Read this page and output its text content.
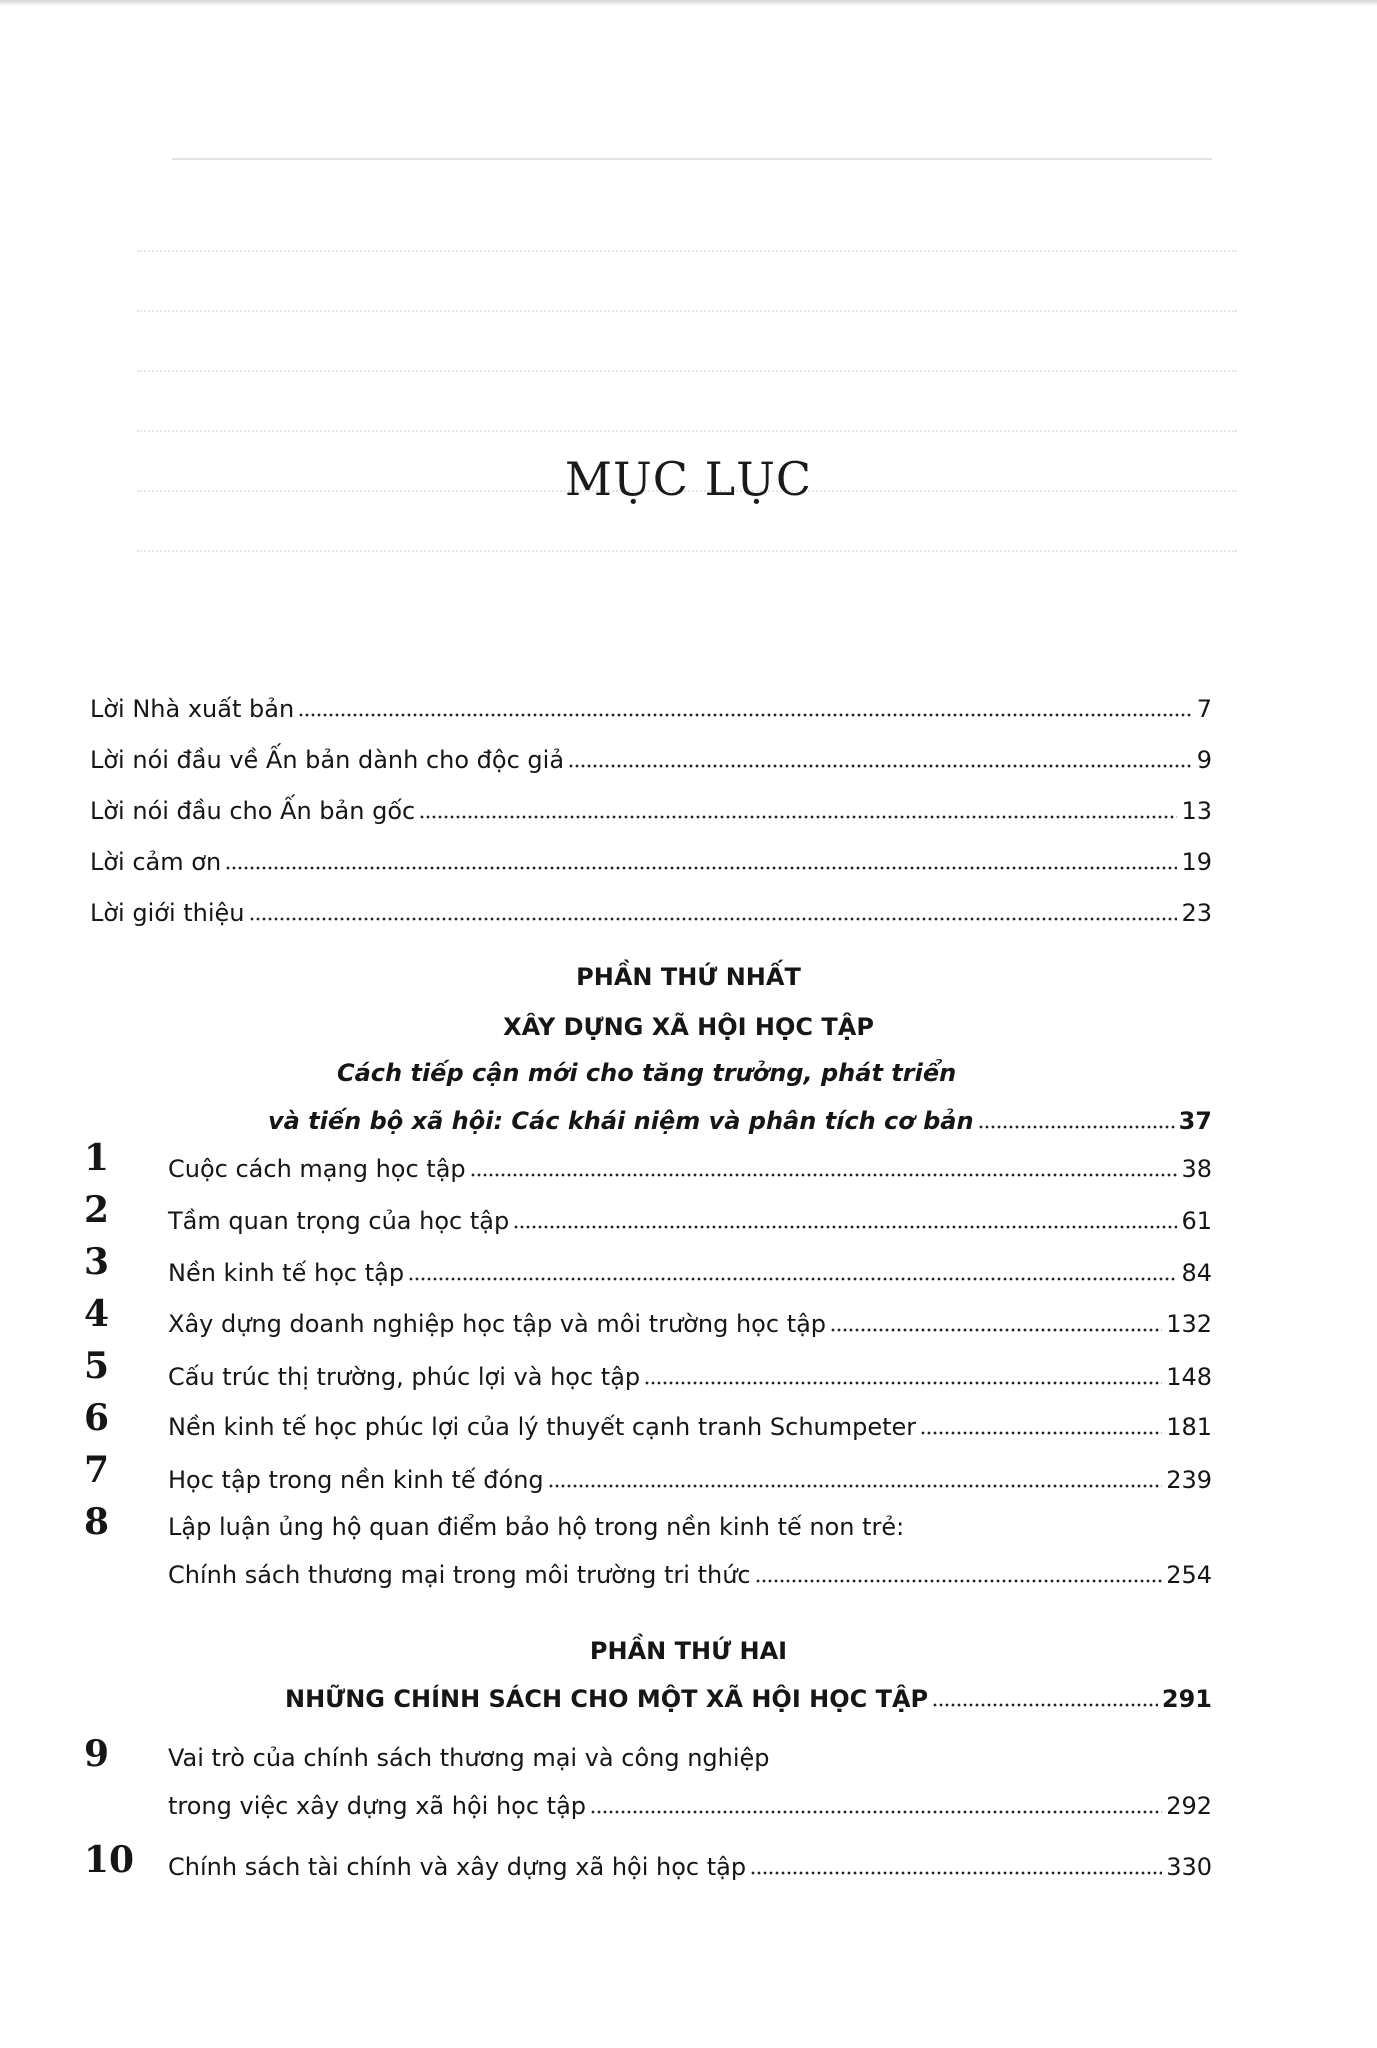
MỤC LỤC
Lời Nhà xuất bản	7
Lời nói đầu về Ấn bản dành cho độc giả	9
Lời nói đầu cho Ấn bản gốc	13
Lời cảm ơn	19
Lời giới thiệu	23
PHẦN THỨ NHẤT
XÂY DỰNG XÃ HỘI HỌC TẬP
Cách tiếp cận mới cho tăng trưởng, phát triển
và tiến bộ xã hội: Các khái niệm và phân tích cơ bản	37
1	Cuộc cách mạng học tập	38
2	Tầm quan trọng của học tập	61
3	Nền kinh tế học tập	84
4	Xây dựng doanh nghiệp học tập và môi trường học tập	132
5	Cấu trúc thị trường, phúc lợi và học tập	148
6	Nền kinh tế học phúc lợi của lý thuyết cạnh tranh Schumpeter	181
7	Học tập trong nền kinh tế đóng	239
8	Lập luận ủng hộ quan điểm bảo hộ trong nền kinh tế non trẻ:
Chính sách thương mại trong môi trường tri thức	254
PHẦN THỨ HAI
NHỮNG CHÍNH SÁCH CHO MỘT XÃ HỘI HỌC TẬP	291
9	Vai trò của chính sách thương mại và công nghiệp
trong việc xây dựng xã hội học tập	292
10	Chính sách tài chính và xây dựng xã hội học tập	330
